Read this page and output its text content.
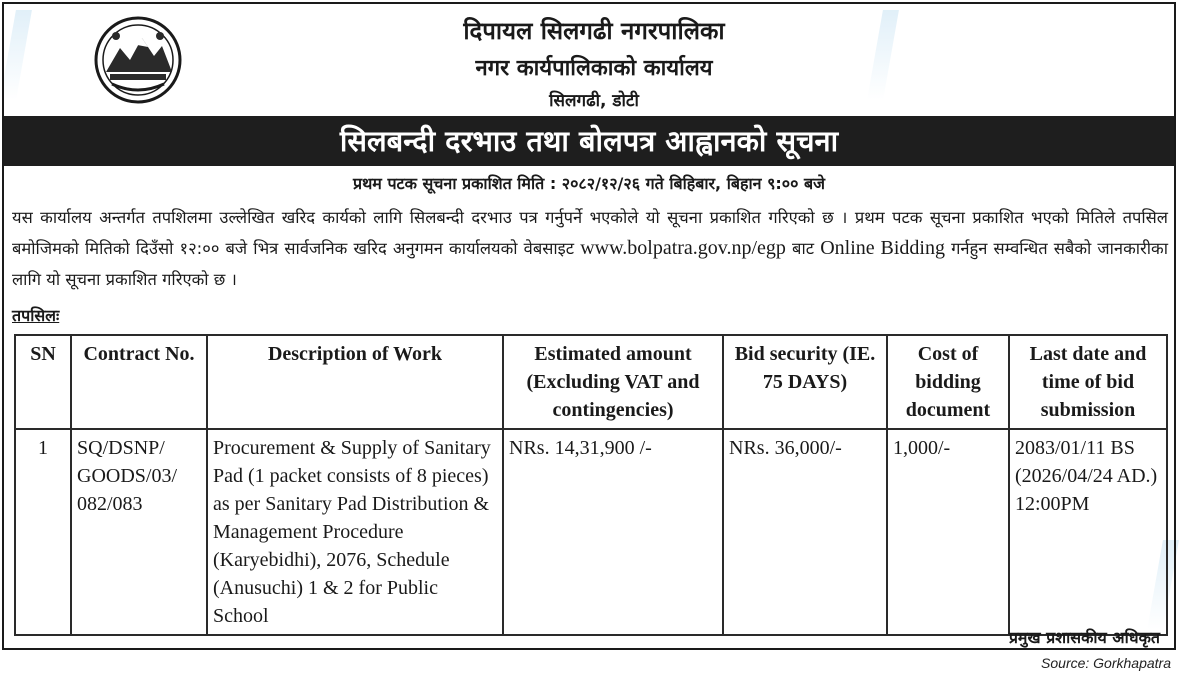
दिपायल सिलगढी नगरपालिका
नगर कार्यपालिकाको कार्यालय
सिलगढी, डोटी
सिलबन्दी दरभाउ तथा बोलपत्र आह्वानको सूचना
प्रथम पटक सूचना प्रकाशित मिति : २०८२/१२/२६ गते बिहिबार, बिहान ९:०० बजे
यस कार्यालय अन्तर्गत तपशिलमा उल्लेखित खरिद कार्यको लागि सिलबन्दी दरभाउ पत्र गर्नुपर्ने भएकोले यो सूचना प्रकाशित गरिएको छ । प्रथम पटक सूचना प्रकाशित भएको मितिले तपसिल बमोजिमको मितिको दिउँसो १२:०० बजे भित्र सार्वजनिक खरिद अनुगमन कार्यालयको वेबसाइट www.bolpatra.gov.np/egp बाट Online Bidding गर्नहुन सम्वन्धित सबैको जानकारीका लागि यो सूचना प्रकाशित गरिएको छ ।
तपसिलः
SN	Contract No.	Description of Work	Estimated amount (Excluding VAT and contingencies)	Bid security (IE. 75 DAYS)	Cost of bidding document	Last date and time of bid submission
1	SQ/DSNP/ GOODS/03/ 082/083	Procurement & Supply of Sanitary Pad (1 packet consists of 8 pieces) as per Sanitary Pad Distribution & Management Procedure (Karyebidhi), 2076, Schedule (Anusuchi) 1 & 2 for Public School	NRs. 14,31,900 /-	NRs. 36,000/-	1,000/-	2083/01/11 BS (2026/04/24 AD.) 12:00PM
प्रमुख प्रशासकीय अधिकृत
Source: Gorkhapatra
